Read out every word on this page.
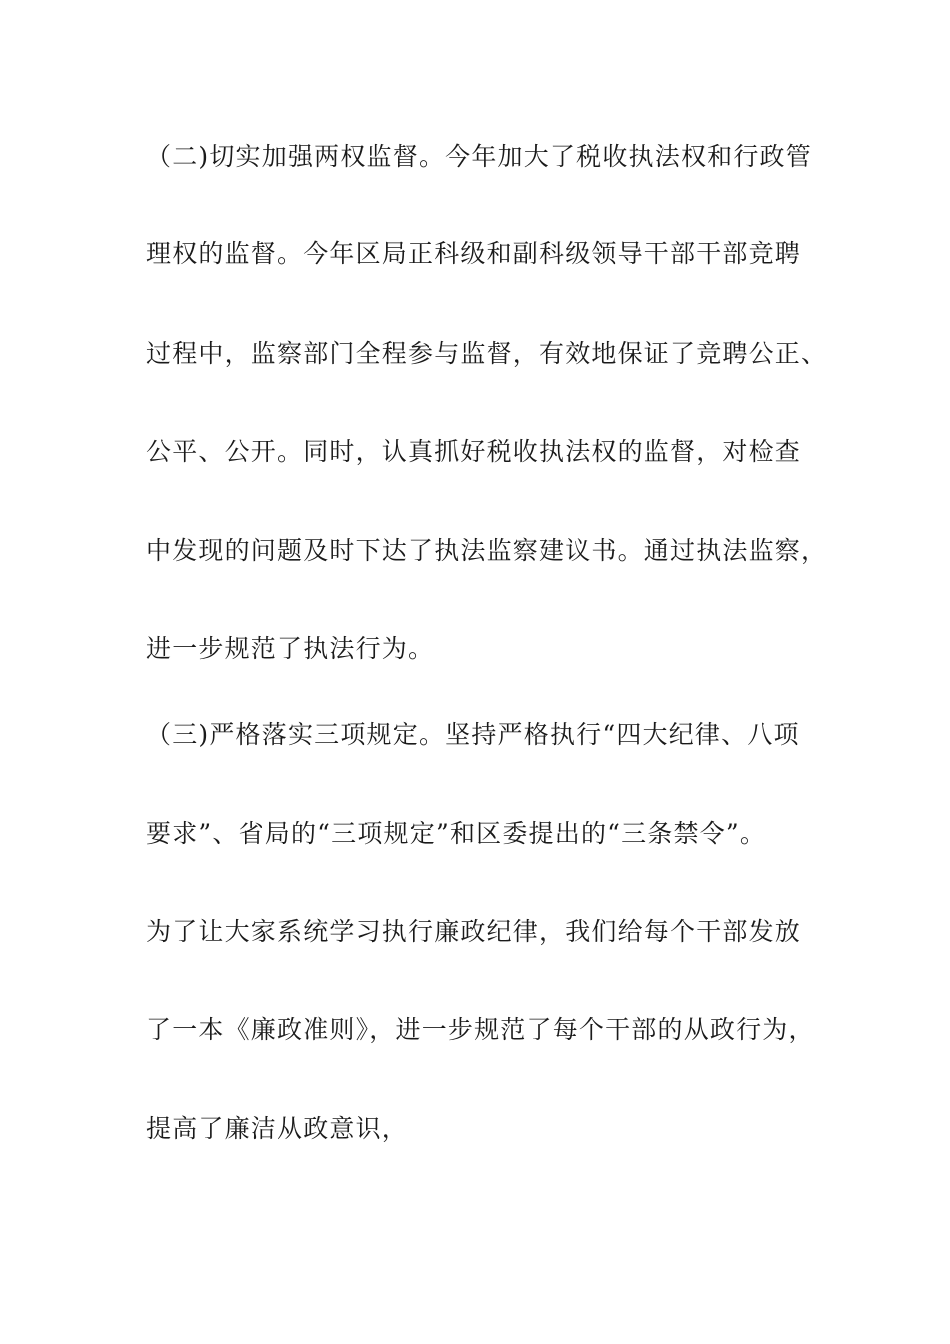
（二)切实加强两权监督。今年加大了税收执法权和行政管
理权的监督。今年区局正科级和副科级领导干部干部竞聘
过程中，监察部门全程参与监督，有效地保证了竞聘公正、
公平、公开。同时，认真抓好税收执法权的监督，对检查
中发现的问题及时下达了执法监察建议书。通过执法监察，
进一步规范了执法行为。
（三)严格落实三项规定。坚持严格执行“四大纪律、八项
要求”、省局的“三项规定”和区委提出的“三条禁令”。
为了让大家系统学习执行廉政纪律，我们给每个干部发放
了一本《廉政准则》，进一步规范了每个干部的从政行为，
提高了廉洁从政意识，
